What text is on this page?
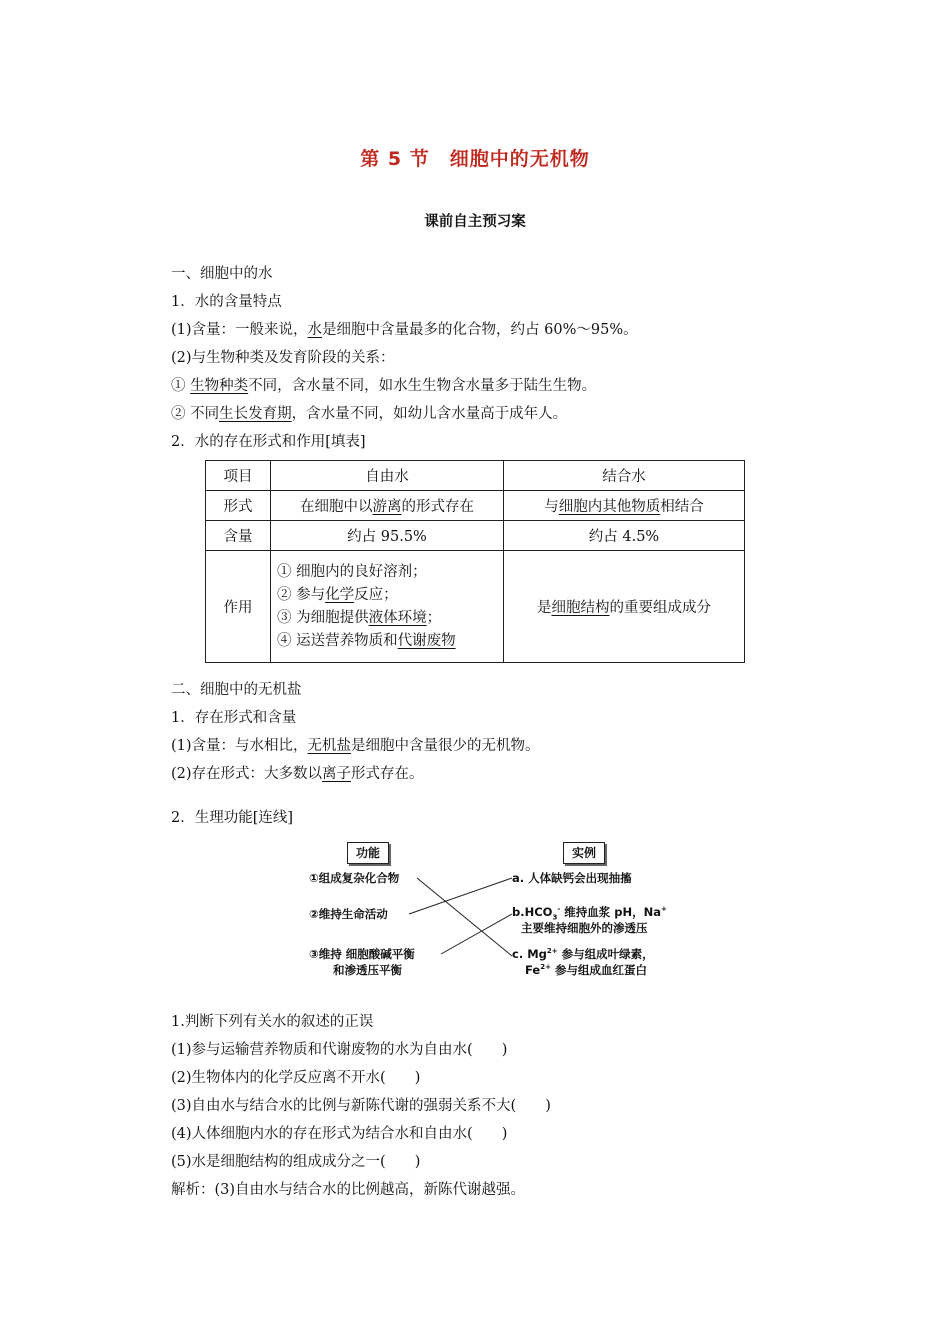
第 5 节　细胞中的无机物
课前自主预习案
一、细胞中的水
1．水的含量特点
(1)含量：一般来说，水是细胞中含量最多的化合物，约占 60%～95%。
(2)与生物种类及发育阶段的关系：
① 生物种类不同，含水量不同，如水生生物含水量多于陆生生物。
② 不同生长发育期，含水量不同，如幼儿含水量高于成年人。
2．水的存在形式和作用[填表]
项目	自由水	结合水
形式	在细胞中以游离的形式存在	与细胞内其他物质相结合
含量	约占 95.5%	约占 4.5%
作用	① 细胞内的良好溶剂；
② 参与化学反应；
③ 为细胞提供液体环境；
④ 运送营养物质和代谢废物	是细胞结构的重要组成成分
二、细胞中的无机盐
1．存在形式和含量
(1)含量：与水相比，无机盐是细胞中含量很少的无机物。
(2)存在形式：大多数以离子形式存在。
2．生理功能[连线]
功能	实例
①组成复杂化合物
②维持生命活动
③维持 细胞酸碱平衡
和渗透压平衡
a. 人体缺钙会出现抽搐
$b.HCO_3^-$ 维持血浆 pH，Na+
主要维持细胞外的渗透压
c. $Mg^{2+}$ 参与组成叶绿素，
$Fe^{2+}$ 参与组成血红蛋白
1.判断下列有关水的叙述的正误
(1)参与运输营养物质和代谢废物的水为自由水(　　)
(2)生物体内的化学反应离不开水(　　)
(3)自由水与结合水的比例与新陈代谢的强弱关系不大(　　)
(4)人体细胞内水的存在形式为结合水和自由水(　　)
(5)水是细胞结构的组成成分之一(　　)
解析：(3)自由水与结合水的比例越高，新陈代谢越强。
